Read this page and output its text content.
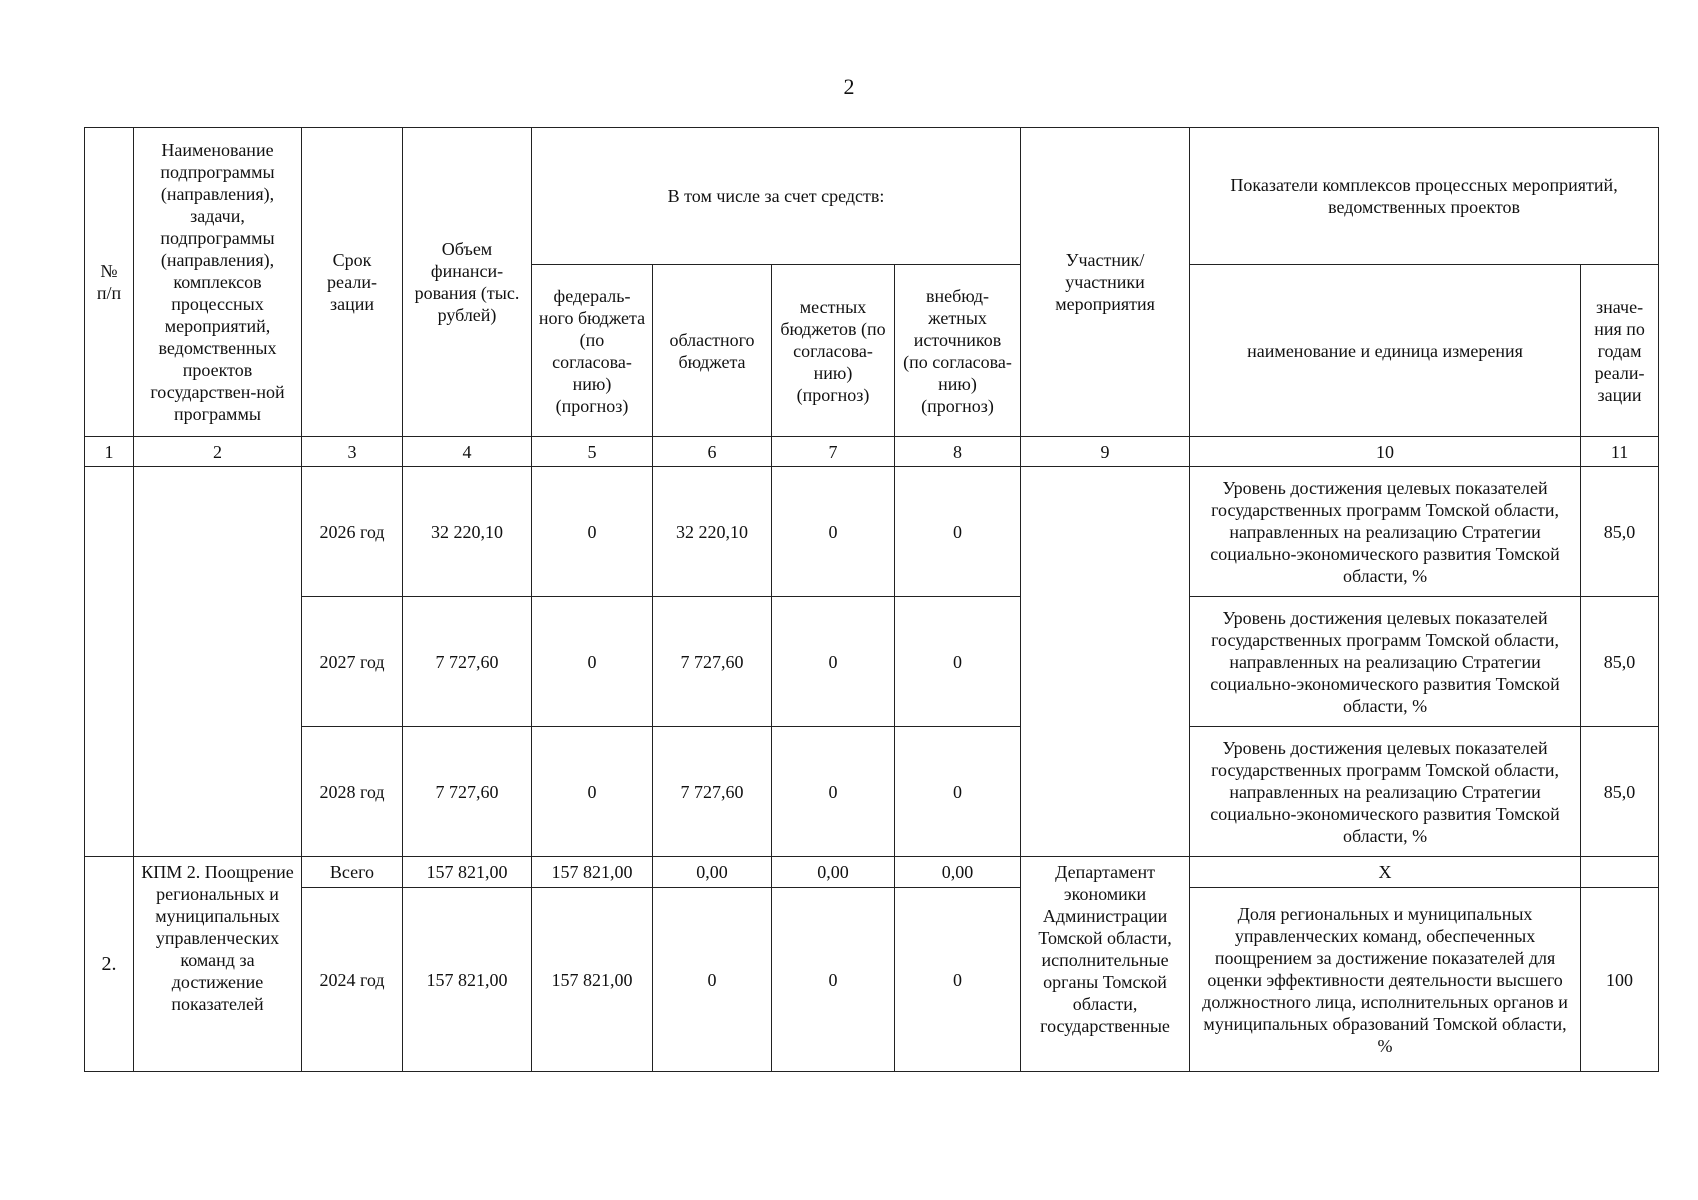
2
№ п/п	Наименование подпрограммы (направления), задачи, подпрограммы (направления), комплексов процессных мероприятий, ведомственных проектов государствен-ной программы	Срок реали-зации	Объем финанси-рования (тыс. рублей)	В том числе за счет средств:				Участник/ участники мероприятия	Показатели комплексов процессных мероприятий, ведомственных проектов	
				федераль-ного бюджета (по согласова-нию) (прогноз)	областного бюджета	местных бюджетов (по согласова-нию) (прогноз)	внебюд-жетных источников (по согласова-нию) (прогноз)		наименование и единица измерения	значе-ния по годам реали-зации
1	2	3	4	5	6	7	8	9	10	11
		2026 год	32 220,10	0	32 220,10	0	0		Уровень достижения целевых показателей государственных программ Томской области, направленных на реализацию Стратегии социально-экономического развития Томской области, %	85,0
		2027 год	7 727,60	0	7 727,60	0	0		Уровень достижения целевых показателей государственных программ Томской области, направленных на реализацию Стратегии социально-экономического развития Томской области, %	85,0
		2028 год	7 727,60	0	7 727,60	0	0		Уровень достижения целевых показателей государственных программ Томской области, направленных на реализацию Стратегии социально-экономического развития Томской области, %	85,0
2.	КПМ 2. Поощрение региональных и муниципальных управленческих команд за достижение показателей	Всего	157 821,00	157 821,00	0,00	0,00	0,00	Департамент экономики Администрации Томской области, исполнительные органы Томской области, государственные	X	
		2024 год	157 821,00	157 821,00	0	0	0		Доля региональных и муниципальных управленческих команд, обеспеченных поощрением за достижение показателей для оценки эффективности деятельности высшего должностного лица, исполнительных органов и муниципальных образований Томской области, %	100
